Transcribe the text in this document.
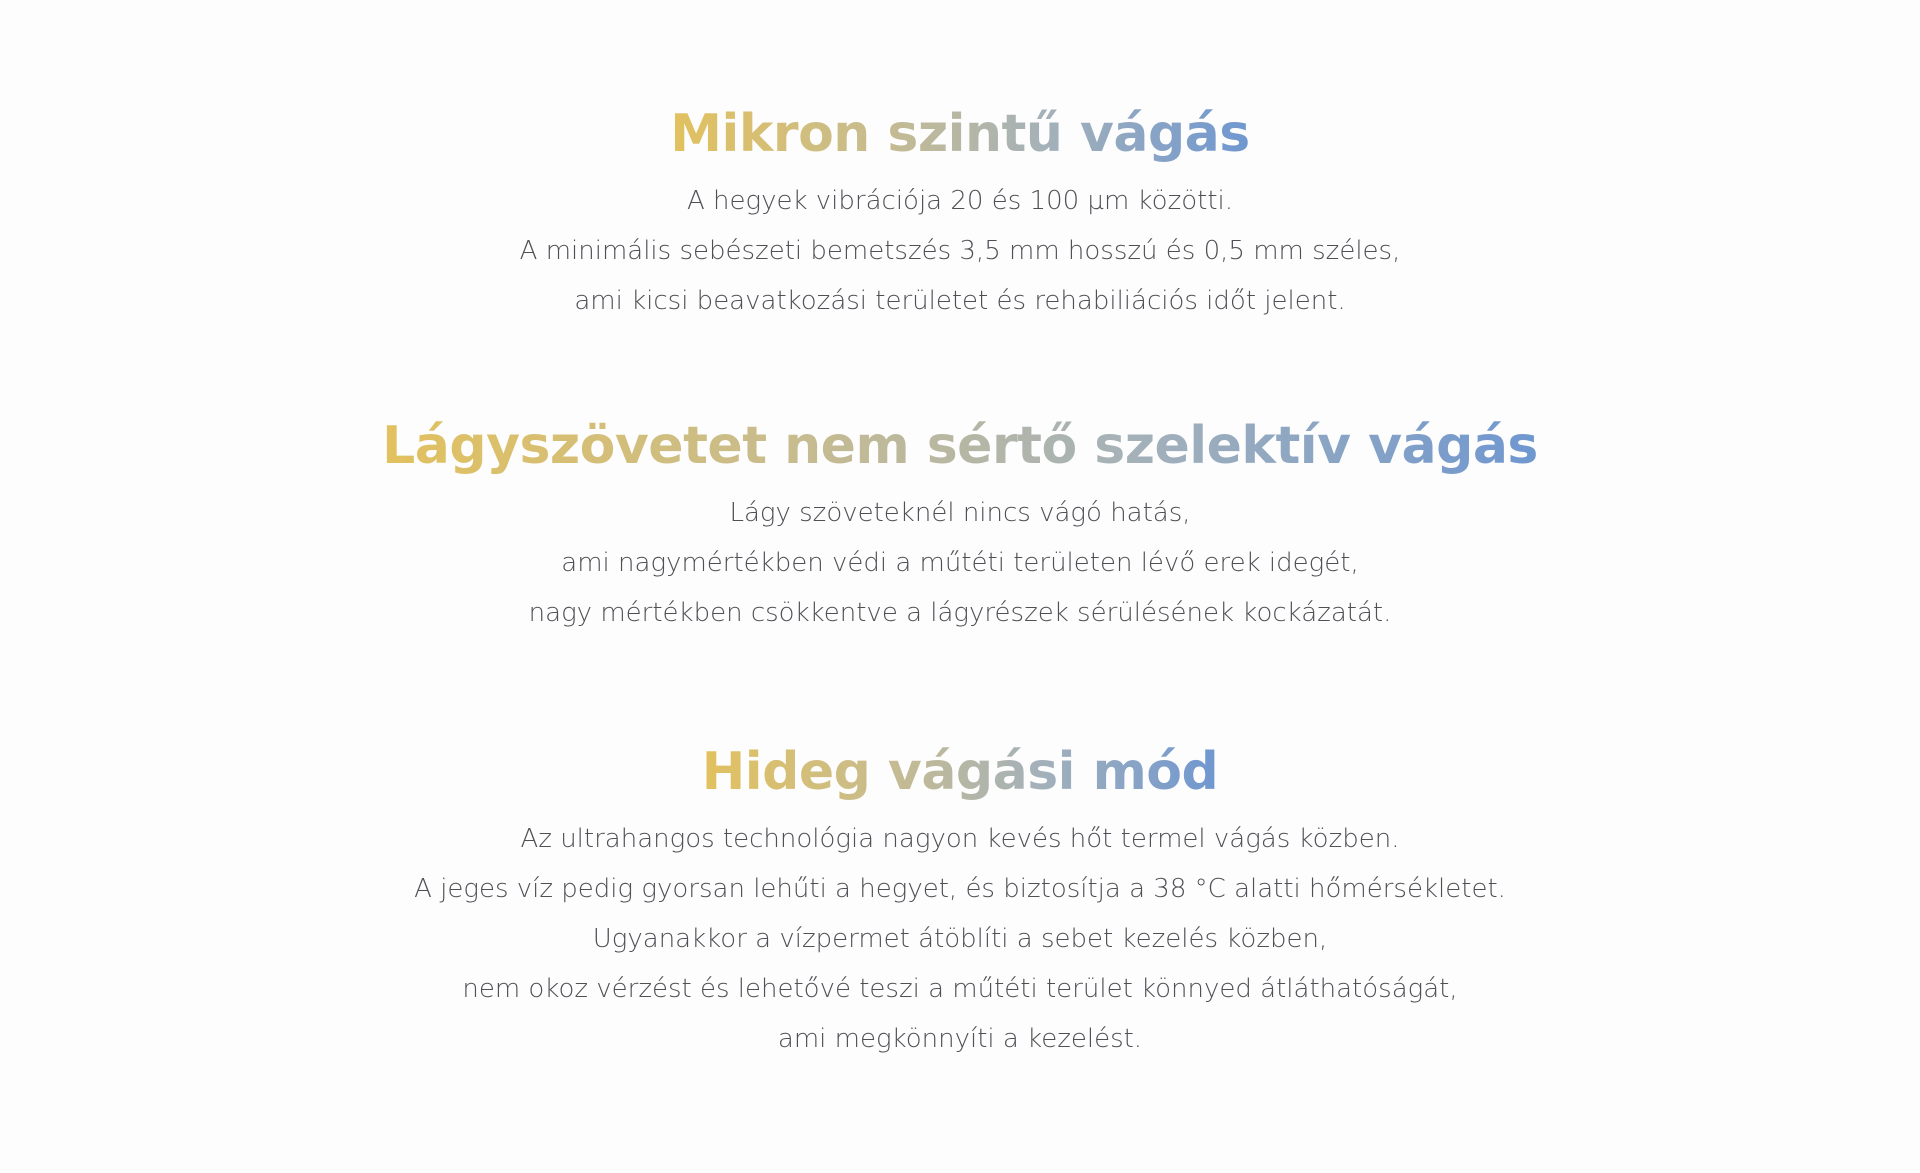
Mikron szintű vágás
A hegyek vibrációja 20 és 100 µm közötti.
A minimális sebészeti bemetszés 3,5 mm hosszú és 0,5 mm széles,
ami kicsi beavatkozási területet és rehabiliációs időt jelent.
Lágyszövetet nem sértő szelektív vágás
Lágy szöveteknél nincs vágó hatás,
ami nagymértékben védi a műtéti területen lévő erek idegét,
nagy mértékben csökkentve a lágyrészek sérülésének kockázatát.
Hideg vágási mód
Az ultrahangos technológia nagyon kevés hőt termel vágás közben.
A jeges víz pedig gyorsan lehűti a hegyet, és biztosítja a 38 °C alatti hőmérsékletet.
Ugyanakkor a vízpermet átöblíti a sebet kezelés közben,
nem okoz vérzést és lehetővé teszi a műtéti terület könnyed átláthatóságát,
ami megkönnyíti a kezelést.
